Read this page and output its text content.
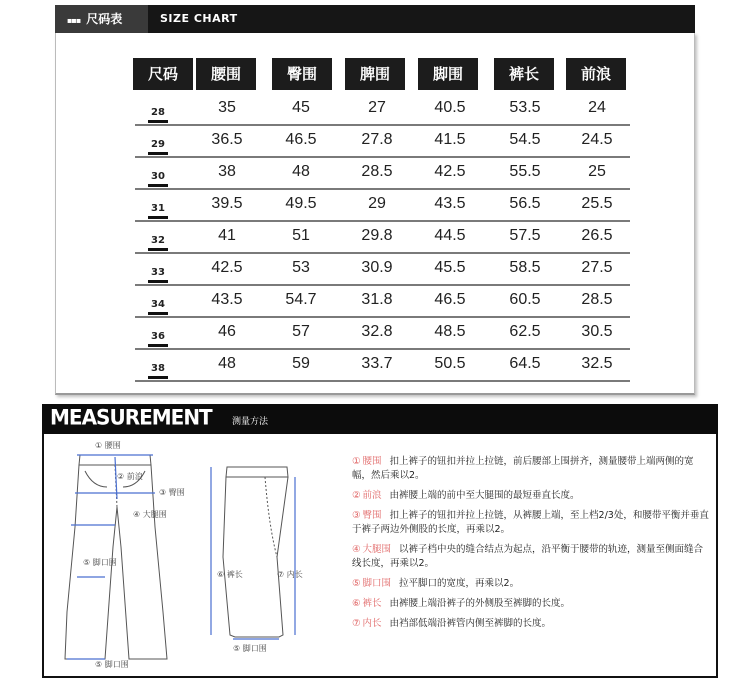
▪▪▪ 尺码表	SIZE CHART
尺码	腰围	臀围	脾围	脚围	裤长	前浪
28	35	45	27	40.5	53.5	24
29	36.5	46.5	27.8	41.5	54.5	24.5
30	38	48	28.5	42.5	55.5	25
31	39.5	49.5	29	43.5	56.5	25.5
32	41	51	29.8	44.5	57.5	26.5
33	42.5	53	30.9	45.5	58.5	27.5
34	43.5	54.7	31.8	46.5	60.5	28.5
36	46	57	32.8	48.5	62.5	30.5
38	48	59	33.7	50.5	64.5	32.5
MEASUREMENT 测量方法
① 腰围
② 前浪
③ 臀围
④ 大腿围
⑤ 脚口围
⑤ 脚口围
⑥ 裤长	⑦ 内长
⑤ 脚口围
① 腰围 扣上裤子的钮扣并拉上拉链，前后腰部上围拼齐，测量腰带上端两侧的宽幅，然后乘以2。
② 前浪 由裤腰上端的前中至大腿围的最短垂直长度。
③ 臀围 扣上裤子的钮扣并拉上拉链，从裤腰上端，至上档2/3处，和腰带平衡并垂直于裤子两边外侧股的长度，再乘以2。
④ 大腿围 以裤子档中央的缝合结点为起点，沿平衡于腰带的轨迹，测量至侧面缝合线长度，再乘以2。
⑤ 脚口围 拉平脚口的宽度，再乘以2。
⑥ 裤长 由裤腰上端沿裤子的外侧股至裤脚的长度。
⑦ 内长 由裆部低端沿裤管内侧至裤脚的长度。
